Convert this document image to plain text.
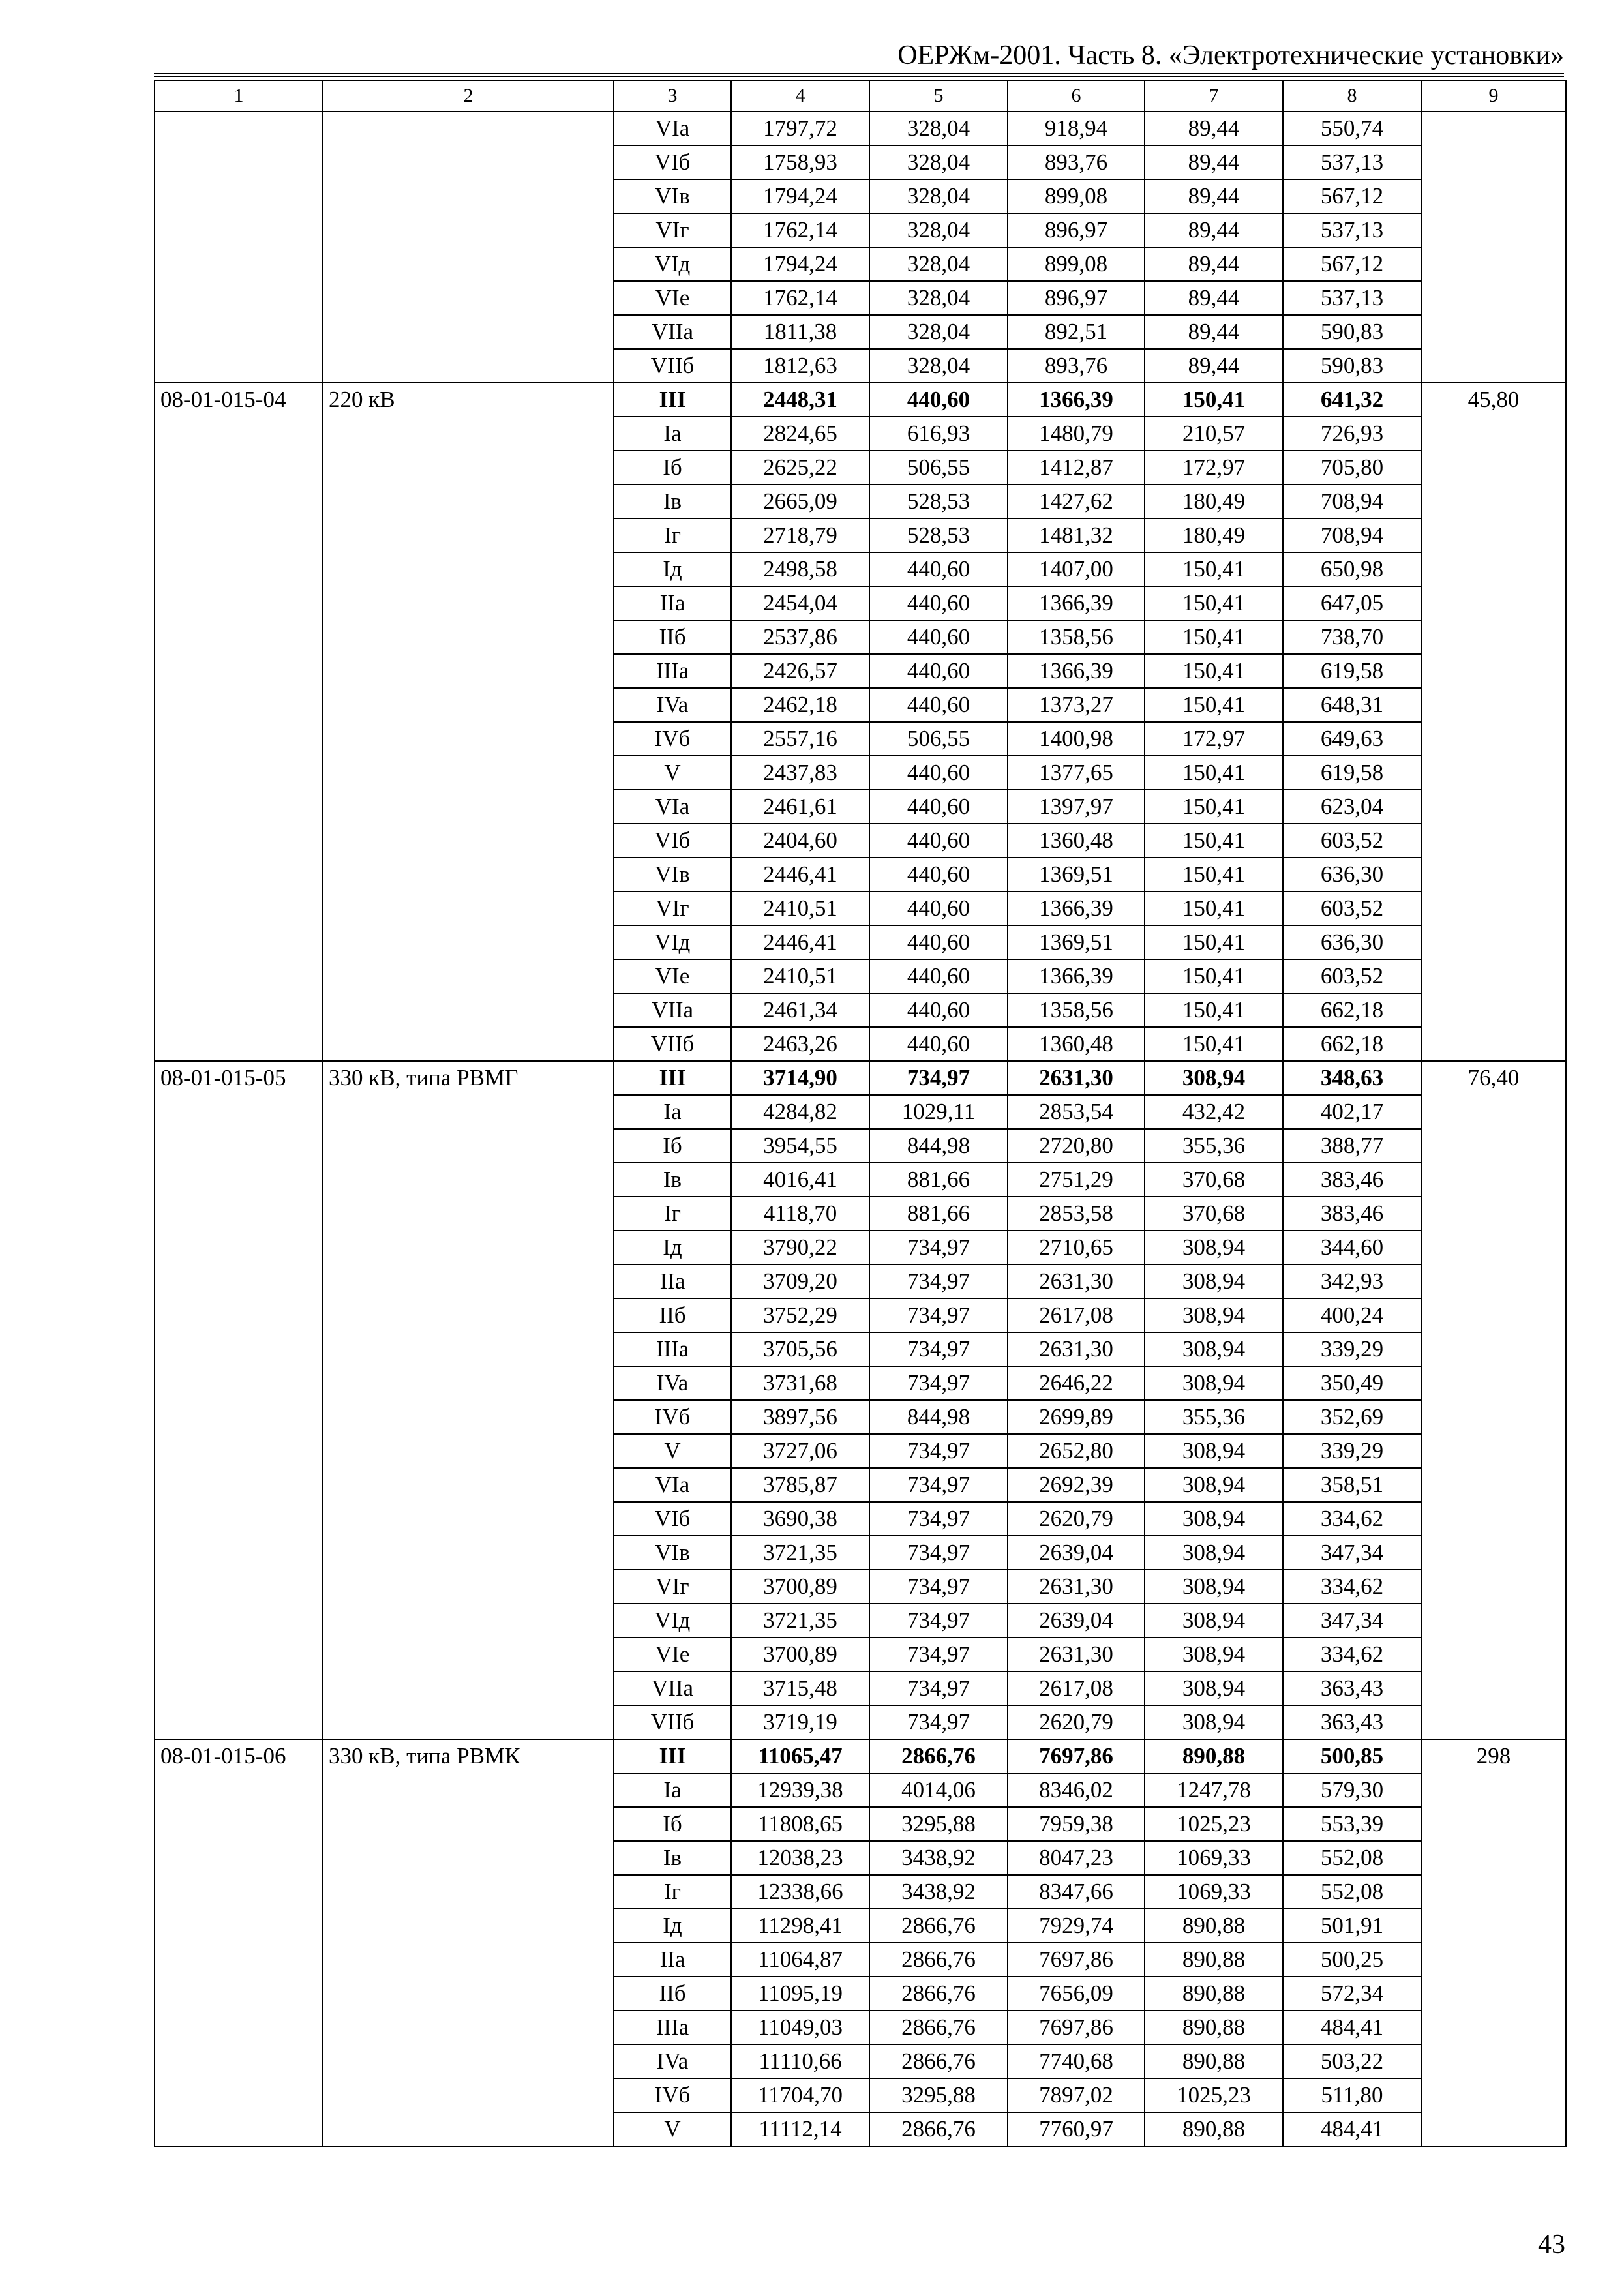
ОЕРЖм-2001. Часть 8. «Электротехнические установки»
1	2	3	4	5	6	7	8	9
		VIa	1797,72	328,04	918,94	89,44	550,74	
		VIб	1758,93	328,04	893,76	89,44	537,13	
		VIв	1794,24	328,04	899,08	89,44	567,12	
		VIг	1762,14	328,04	896,97	89,44	537,13	
		VIд	1794,24	328,04	899,08	89,44	567,12	
		VIe	1762,14	328,04	896,97	89,44	537,13	
		VIIa	1811,38	328,04	892,51	89,44	590,83	
		VIIб	1812,63	328,04	893,76	89,44	590,83	
08-01-015-04	220 кВ	III	2448,31	440,60	1366,39	150,41	641,32	45,80
		Ia	2824,65	616,93	1480,79	210,57	726,93	
		Iб	2625,22	506,55	1412,87	172,97	705,80	
		Iв	2665,09	528,53	1427,62	180,49	708,94	
		Iг	2718,79	528,53	1481,32	180,49	708,94	
		Iд	2498,58	440,60	1407,00	150,41	650,98	
		IIa	2454,04	440,60	1366,39	150,41	647,05	
		IIб	2537,86	440,60	1358,56	150,41	738,70	
		IIIa	2426,57	440,60	1366,39	150,41	619,58	
		IVa	2462,18	440,60	1373,27	150,41	648,31	
		IVб	2557,16	506,55	1400,98	172,97	649,63	
		V	2437,83	440,60	1377,65	150,41	619,58	
		VIa	2461,61	440,60	1397,97	150,41	623,04	
		VIб	2404,60	440,60	1360,48	150,41	603,52	
		VIв	2446,41	440,60	1369,51	150,41	636,30	
		VIг	2410,51	440,60	1366,39	150,41	603,52	
		VIд	2446,41	440,60	1369,51	150,41	636,30	
		VIe	2410,51	440,60	1366,39	150,41	603,52	
		VIIa	2461,34	440,60	1358,56	150,41	662,18	
		VIIб	2463,26	440,60	1360,48	150,41	662,18	
08-01-015-05	330 кВ, типа РВМГ	III	3714,90	734,97	2631,30	308,94	348,63	76,40
		Ia	4284,82	1029,11	2853,54	432,42	402,17	
		Iб	3954,55	844,98	2720,80	355,36	388,77	
		Iв	4016,41	881,66	2751,29	370,68	383,46	
		Iг	4118,70	881,66	2853,58	370,68	383,46	
		Iд	3790,22	734,97	2710,65	308,94	344,60	
		IIa	3709,20	734,97	2631,30	308,94	342,93	
		IIб	3752,29	734,97	2617,08	308,94	400,24	
		IIIa	3705,56	734,97	2631,30	308,94	339,29	
		IVa	3731,68	734,97	2646,22	308,94	350,49	
		IVб	3897,56	844,98	2699,89	355,36	352,69	
		V	3727,06	734,97	2652,80	308,94	339,29	
		VIa	3785,87	734,97	2692,39	308,94	358,51	
		VIб	3690,38	734,97	2620,79	308,94	334,62	
		VIв	3721,35	734,97	2639,04	308,94	347,34	
		VIг	3700,89	734,97	2631,30	308,94	334,62	
		VIд	3721,35	734,97	2639,04	308,94	347,34	
		VIe	3700,89	734,97	2631,30	308,94	334,62	
		VIIa	3715,48	734,97	2617,08	308,94	363,43	
		VIIб	3719,19	734,97	2620,79	308,94	363,43	
08-01-015-06	330 кВ, типа РВМК	III	11065,47	2866,76	7697,86	890,88	500,85	298
		Ia	12939,38	4014,06	8346,02	1247,78	579,30	
		Iб	11808,65	3295,88	7959,38	1025,23	553,39	
		Iв	12038,23	3438,92	8047,23	1069,33	552,08	
		Iг	12338,66	3438,92	8347,66	1069,33	552,08	
		Iд	11298,41	2866,76	7929,74	890,88	501,91	
		IIa	11064,87	2866,76	7697,86	890,88	500,25	
		IIб	11095,19	2866,76	7656,09	890,88	572,34	
		IIIa	11049,03	2866,76	7697,86	890,88	484,41	
		IVa	11110,66	2866,76	7740,68	890,88	503,22	
		IVб	11704,70	3295,88	7897,02	1025,23	511,80	
		V	11112,14	2866,76	7760,97	890,88	484,41	
43
